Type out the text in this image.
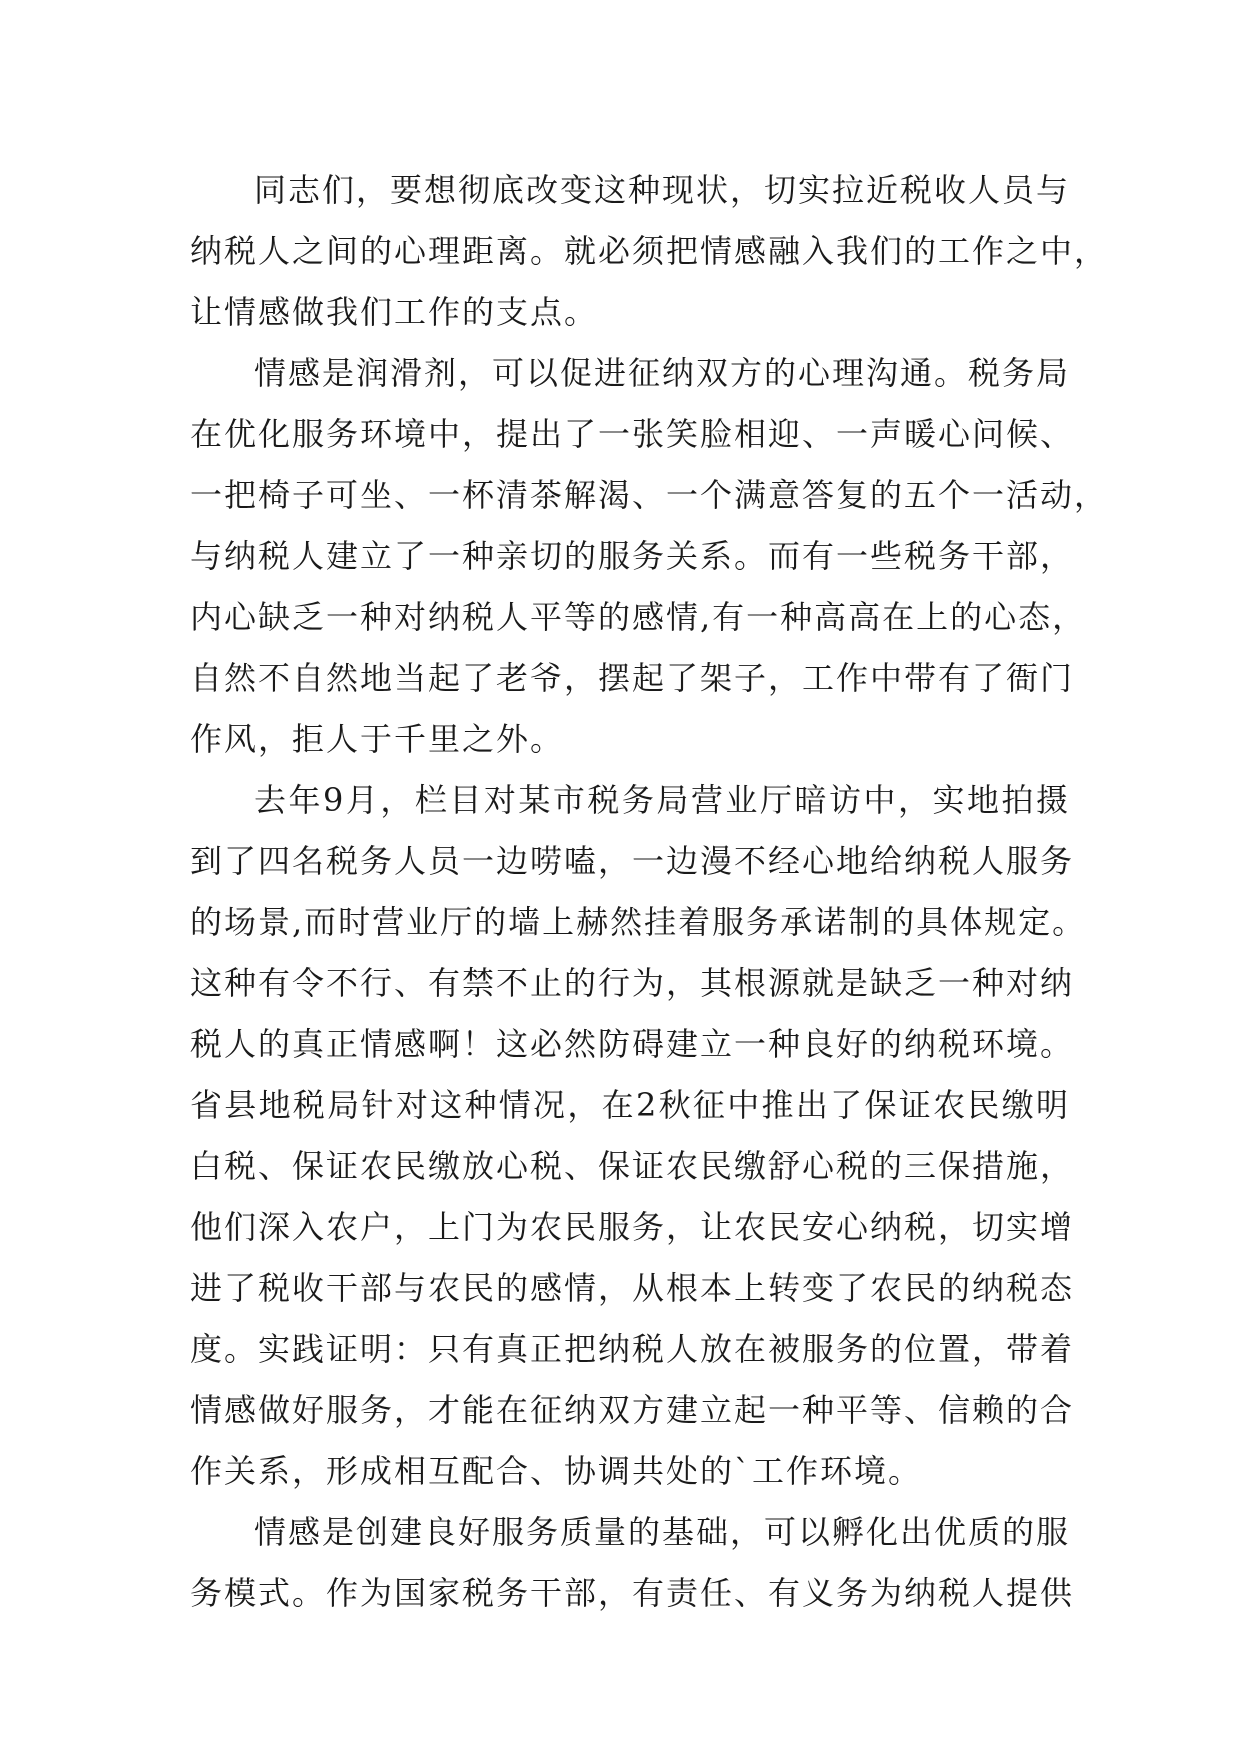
同志们，要想彻底改变这种现状，切实拉近税收人员与
纳税人之间的心理距离。就必须把情感融入我们的工作之中，
让情感做我们工作的支点。
情感是润滑剂，可以促进征纳双方的心理沟通。税务局
在优化服务环境中，提出了一张笑脸相迎、一声暖心问候、
一把椅子可坐、一杯清茶解渴、一个满意答复的五个一活动，
与纳税人建立了一种亲切的服务关系。而有一些税务干部，
内心缺乏一种对纳税人平等的感情,有一种高高在上的心态，
自然不自然地当起了老爷，摆起了架子，工作中带有了衙门
作风，拒人于千里之外。
去年9月，栏目对某市税务局营业厅暗访中，实地拍摄
到了四名税务人员一边唠嗑，一边漫不经心地给纳税人服务
的场景,而时营业厅的墙上赫然挂着服务承诺制的具体规定。
这种有令不行、有禁不止的行为，其根源就是缺乏一种对纳
税人的真正情感啊！这必然防碍建立一种良好的纳税环境。
省县地税局针对这种情况，在2秋征中推出了保证农民缴明
白税、保证农民缴放心税、保证农民缴舒心税的三保措施，
他们深入农户，上门为农民服务，让农民安心纳税，切实增
进了税收干部与农民的感情，从根本上转变了农民的纳税态
度。实践证明：只有真正把纳税人放在被服务的位置，带着
情感做好服务，才能在征纳双方建立起一种平等、信赖的合
作关系，形成相互配合、协调共处的`工作环境。
情感是创建良好服务质量的基础，可以孵化出优质的服
务模式。作为国家税务干部，有责任、有义务为纳税人提供
